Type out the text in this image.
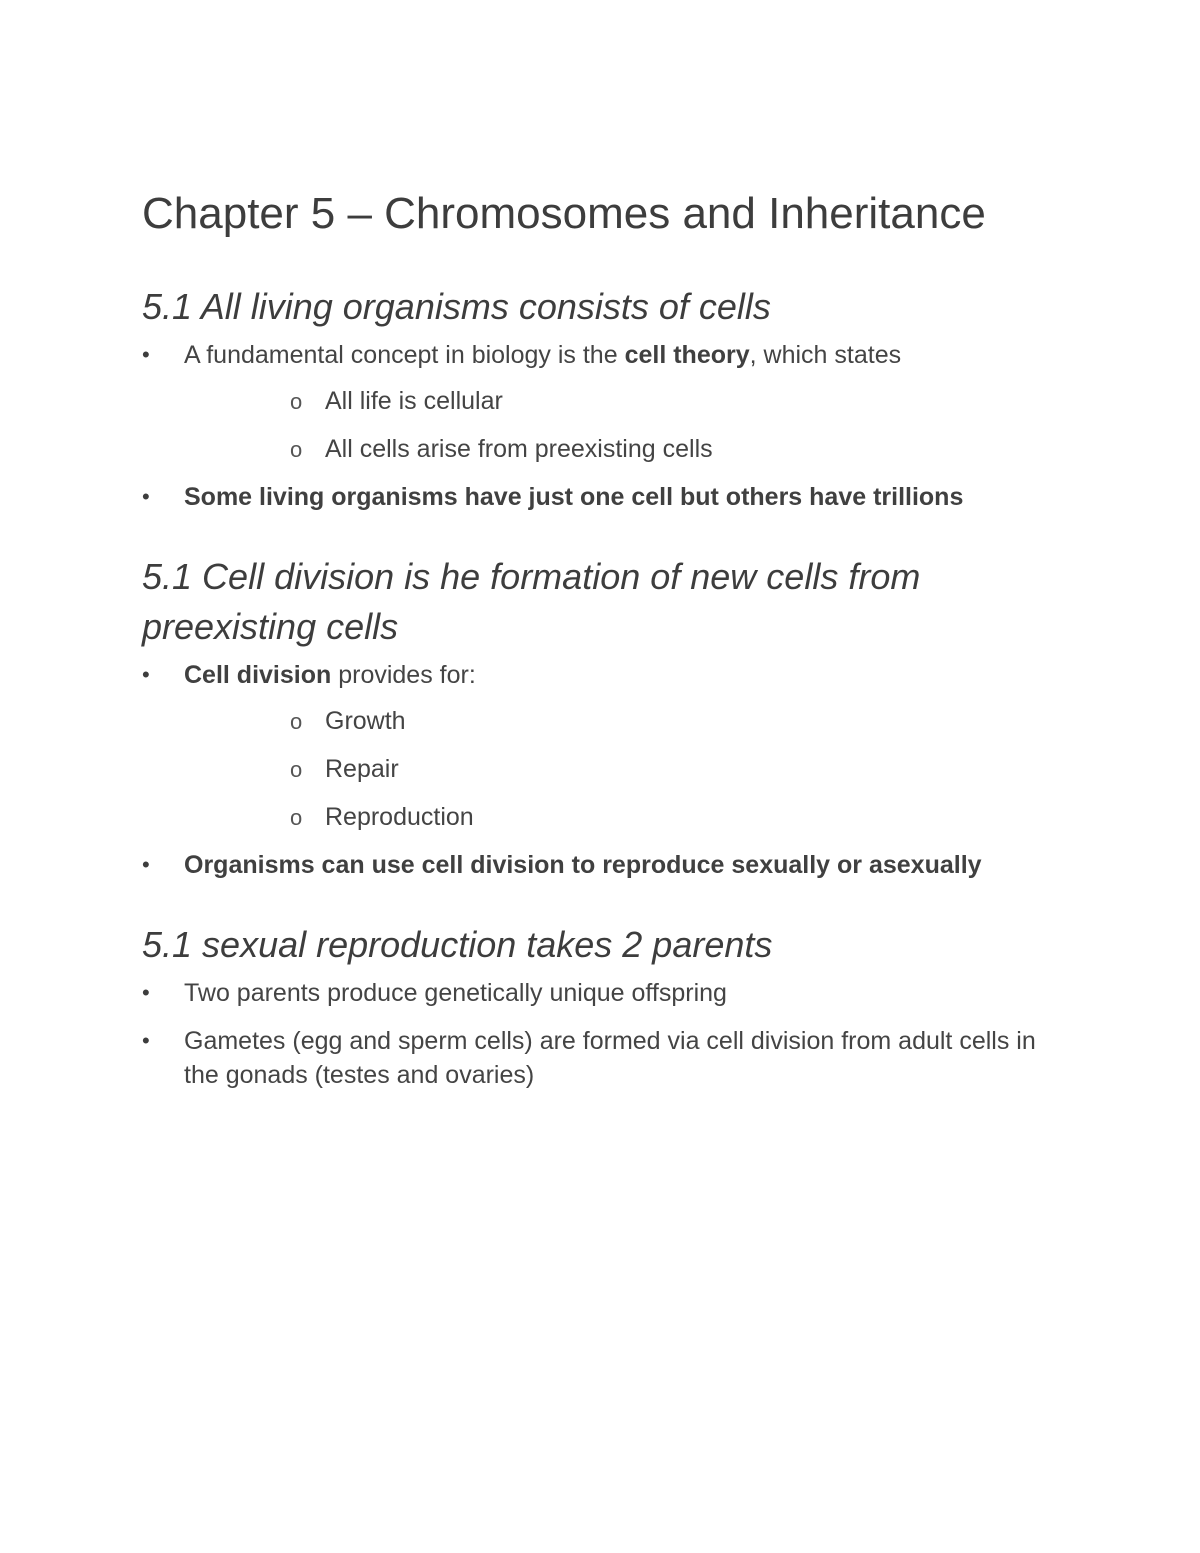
Chapter 5 – Chromosomes and Inheritance
5.1 All living organisms consists of cells
• A fundamental concept in biology is the cell theory, which states
o All life is cellular
o All cells arise from preexisting cells
• Some living organisms have just one cell but others have trillions
5.1 Cell division is he formation of new cells from
preexisting cells
• Cell division provides for:
o Growth
o Repair
o Reproduction
• Organisms can use cell division to reproduce sexually or asexually
5.1 sexual reproduction takes 2 parents
• Two parents produce genetically unique offspring
• Gametes (egg and sperm cells) are formed via cell division from adult cells in the gonads (testes and ovaries)
